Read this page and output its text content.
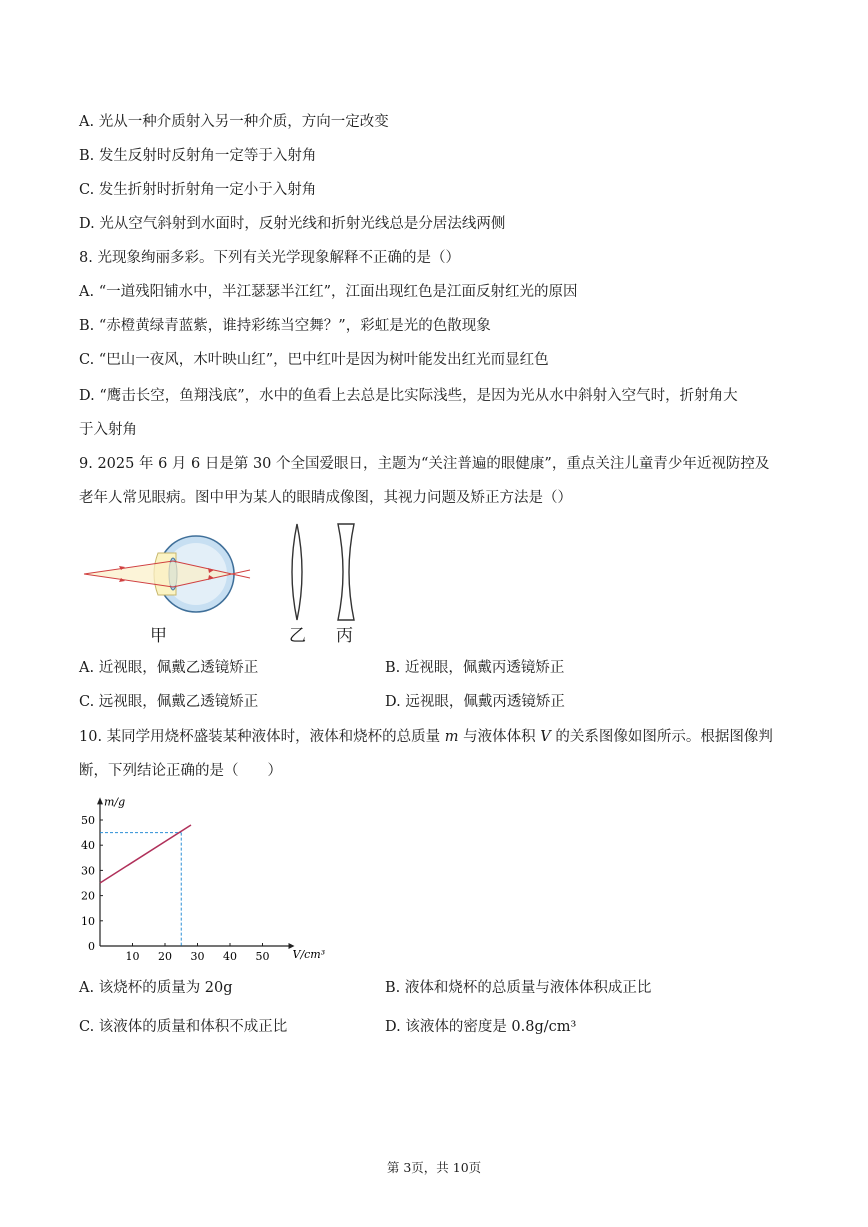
A. 光从一种介质射入另一种介质，方向一定改变
B. 发生反射时反射角一定等于入射角
C. 发生折射时折射角一定小于入射角
D. 光从空气斜射到水面时，反射光线和折射光线总是分居法线两侧
8. 光现象绚丽多彩。下列有关光学现象解释不正确的是（）
A. “一道残阳铺水中，半江瑟瑟半江红”，江面出现红色是江面反射红光的原因
B. “赤橙黄绿青蓝紫，谁持彩练当空舞？”，彩虹是光的色散现象
C. “巴山一夜风，木叶映山红”，巴中红叶是因为树叶能发出红光而显红色
D. “鹰击长空，鱼翔浅底”，水中的鱼看上去总是比实际浅些，是因为光从水中斜射入空气时，折射角大
于入射角
9. 2025 年 6 月 6 日是第 30 个全国爱眼日，主题为“关注普遍的眼健康”，重点关注儿童青少年近视防控及
老年人常见眼病。图中甲为某人的眼睛成像图，其视力问题及矫正方法是（）
甲	乙 丙
A. 近视眼，佩戴乙透镜矫正	B. 近视眼，佩戴丙透镜矫正
C. 远视眼，佩戴乙透镜矫正	D. 远视眼，佩戴丙透镜矫正
10. 某同学用烧杯盛装某种液体时，液体和烧杯的总质量 m 与液体体积 V 的关系图像如图所示。根据图像判
断，下列结论正确的是（　　）
10 20 30 40 50
10
20
30
40
50
0
m/g
V/cm³
A. 该烧杯的质量为 20g	B. 液体和烧杯的总质量与液体体积成正比
C. 该液体的质量和体积不成正比	D. 该液体的密度是 0.8g/cm³
第 3页，共 10页
